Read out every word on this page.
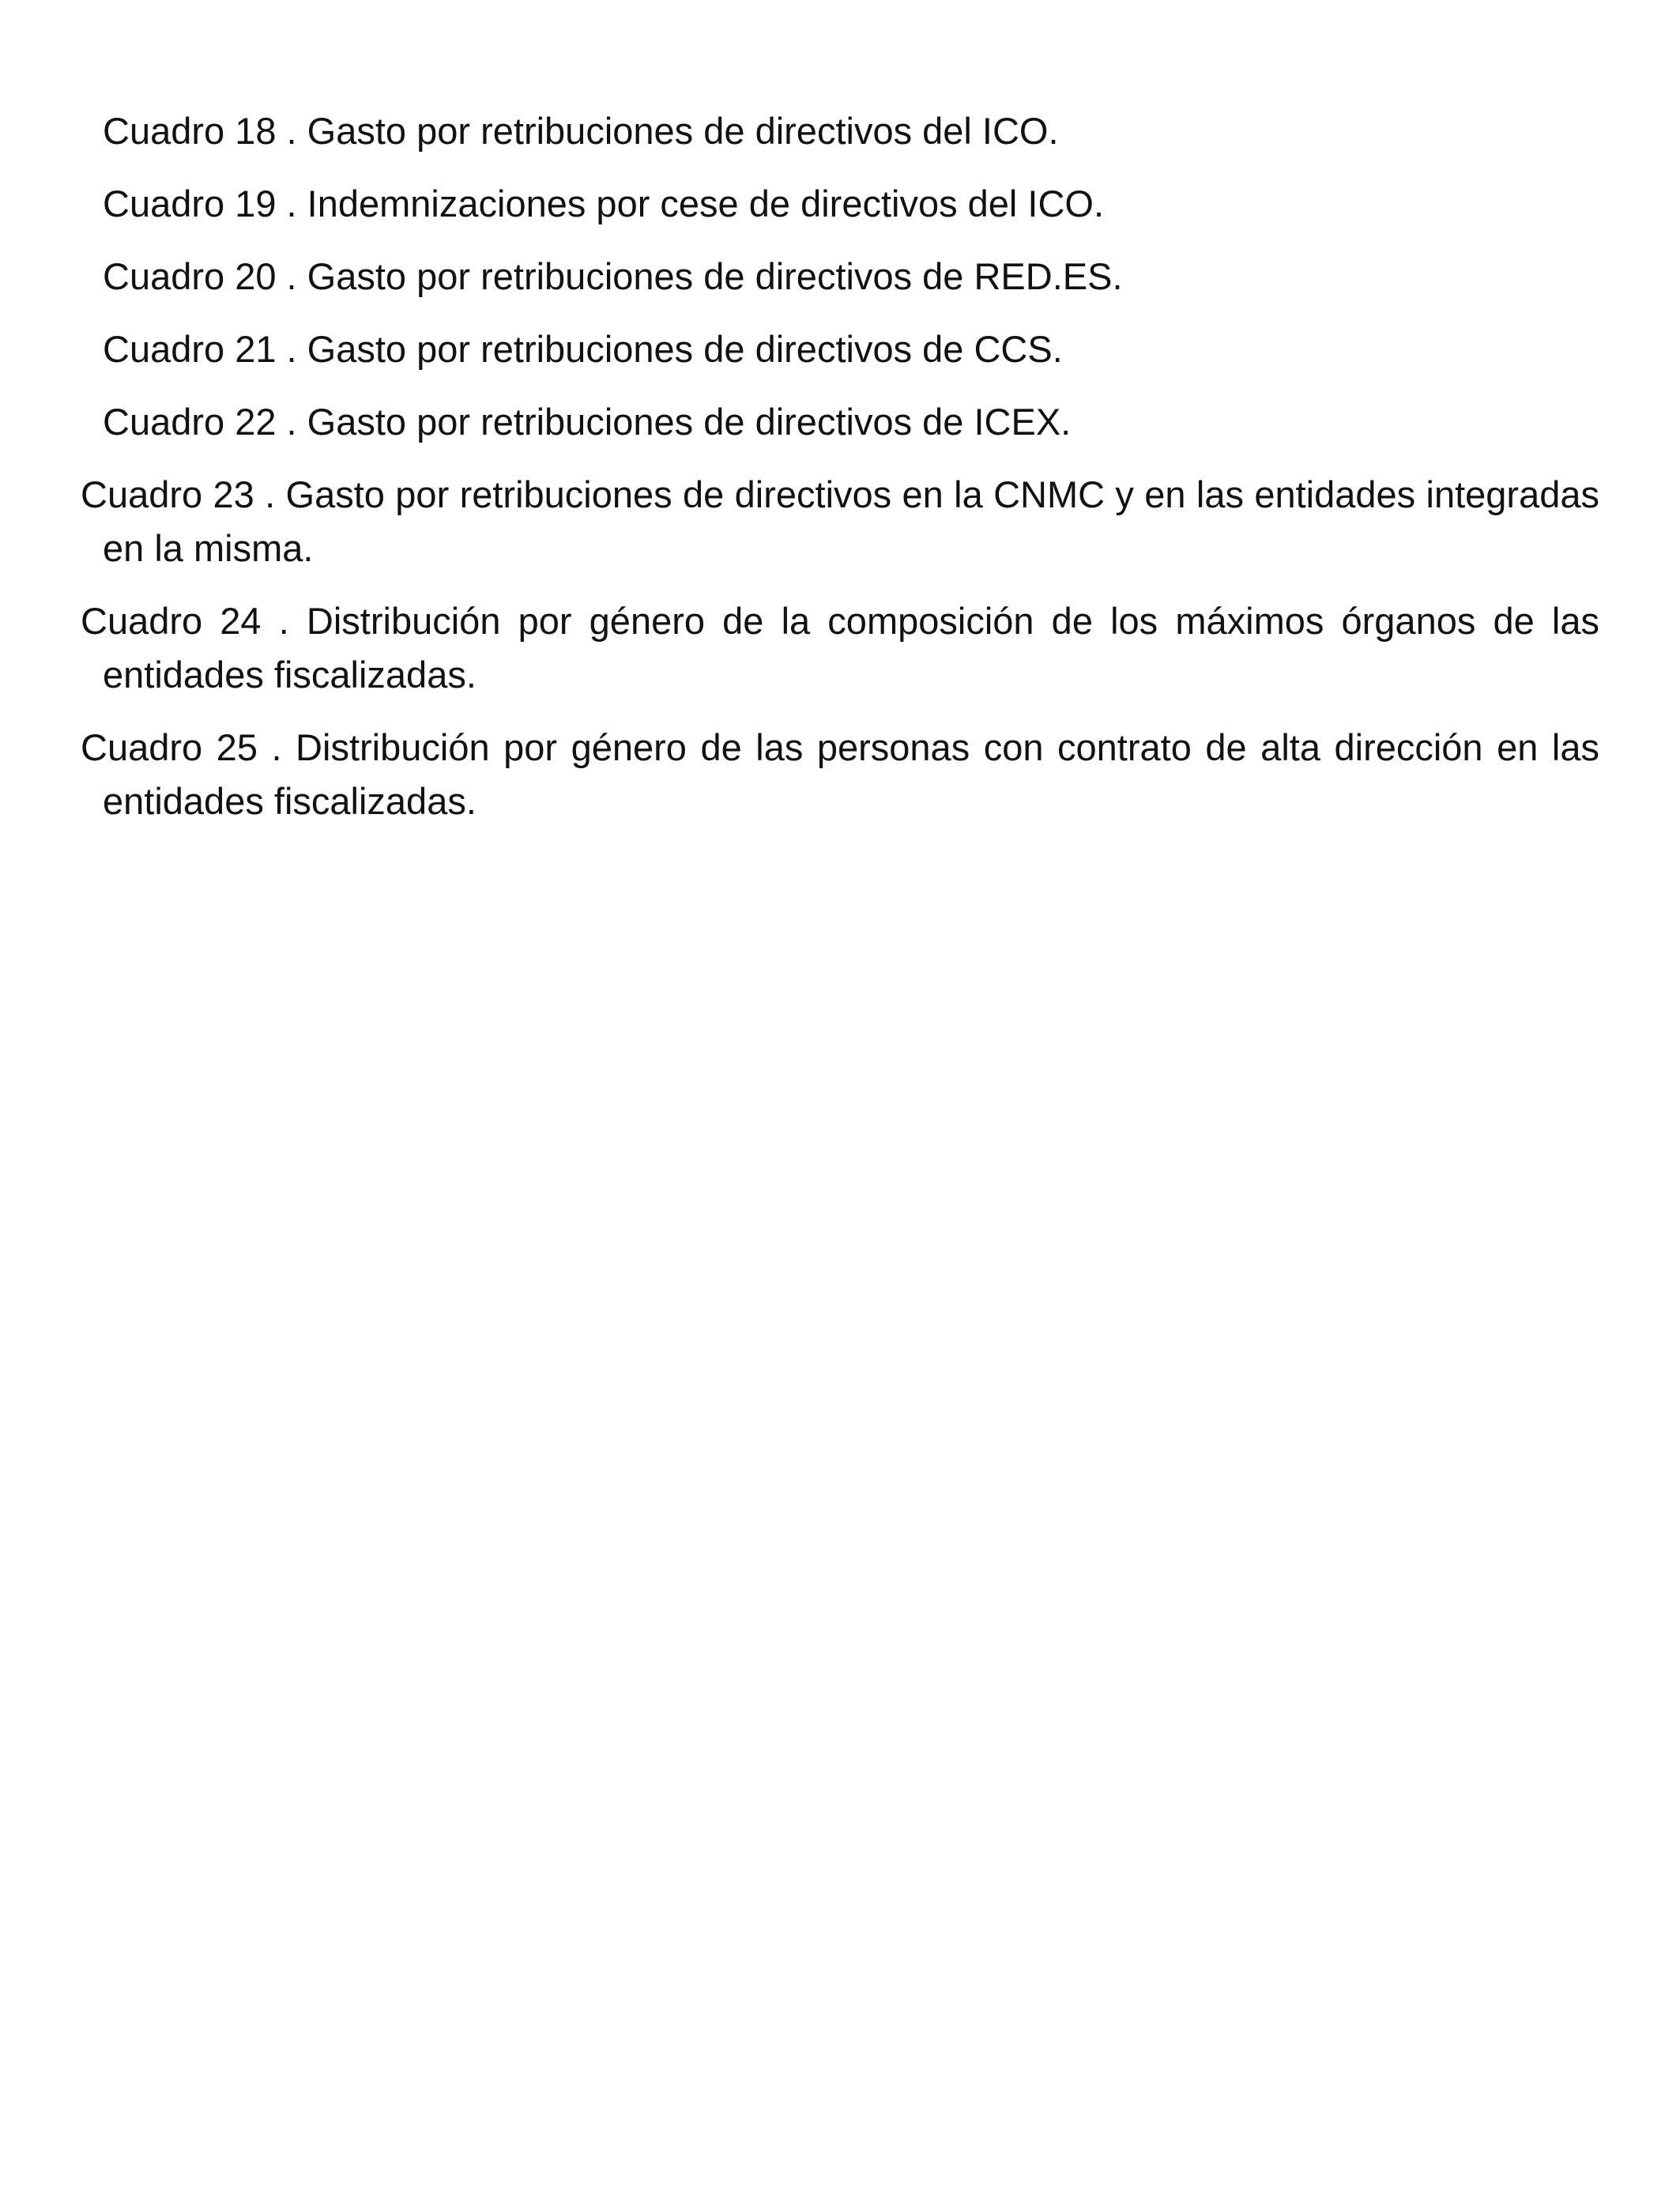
Cuadro 18 . Gasto por retribuciones de directivos del ICO.
Cuadro 19 . Indemnizaciones por cese de directivos del ICO.
Cuadro 20 . Gasto por retribuciones de directivos de RED.ES.
Cuadro 21 . Gasto por retribuciones de directivos de CCS.
Cuadro 22 . Gasto por retribuciones de directivos de ICEX.
Cuadro 23 . Gasto por retribuciones de directivos en la CNMC y en las entidades integradas en la misma.
Cuadro 24 . Distribución por género de la composición de los máximos órganos de las entidades fiscalizadas.
Cuadro 25 . Distribución por género de las personas con contrato de alta dirección en las entidades fiscalizadas.
